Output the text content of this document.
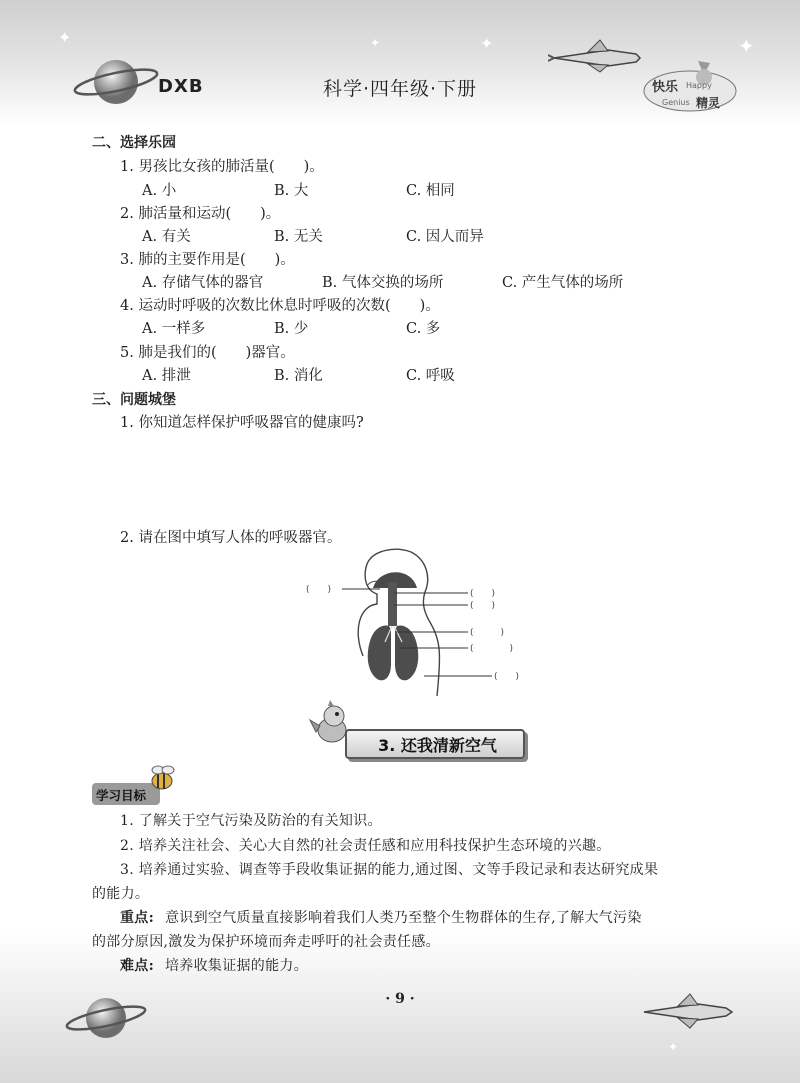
✦	✦	✦	✦
DXB	科学·四年级·下册	快乐 Happy
Genius 精灵
二、选择乐园
1. 男孩比女孩的肺活量(　　)。
A. 小	B. 大	C. 相同
2. 肺活量和运动(　　)。
A. 有关	B. 无关	C. 因人而异
3. 肺的主要作用是(　　)。
A. 存储气体的器官	B. 气体交换的场所	C. 产生气体的场所
4. 运动时呼吸的次数比休息时呼吸的次数(　　)。
A. 一样多	B. 少	C. 多
5. 肺是我们的(　　)器官。
A. 排泄	B. 消化	C. 呼吸
三、问题城堡
1. 你知道怎样保护呼吸器官的健康吗?
2. 请在图中填写人体的呼吸器官。
(　　)	(　　)
(　　)
(　　　)
(　　　　)
(　　)
3. 还我清新空气
学习目标
1. 了解关于空气污染及防治的有关知识。
2. 培养关注社会、关心大自然的社会责任感和应用科技保护生态环境的兴趣。
3. 培养通过实验、调查等手段收集证据的能力,通过图、文等手段记录和表达研究成果
的能力。
重点: 意识到空气质量直接影响着我们人类乃至整个生物群体的生存,了解大气污染
的部分原因,激发为保护环境而奔走呼吁的社会责任感。
难点: 培养收集证据的能力。
· 9 ·
✦
